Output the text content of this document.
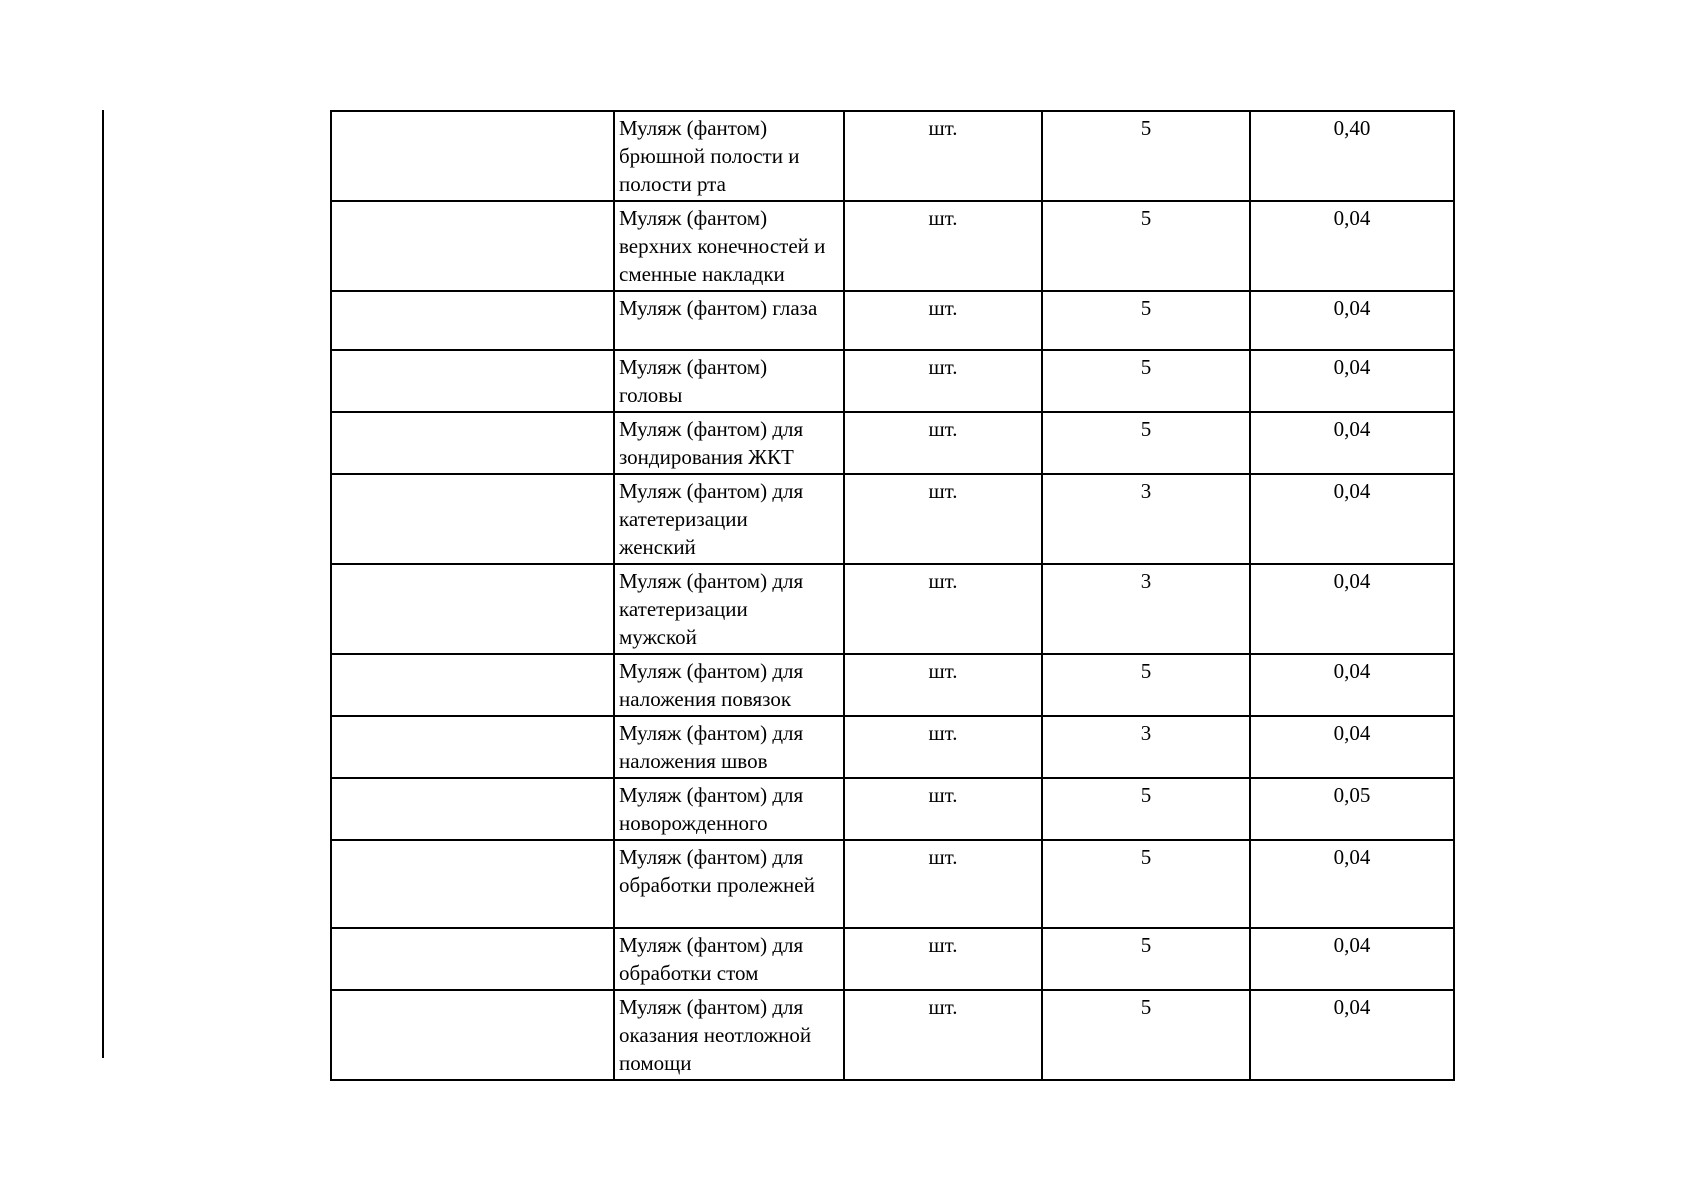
	Муляж (фантом)
брюшной полости и
полости рта	шт.	5	0,40
	Муляж (фантом)
верхних конечностей и
сменные накладки	шт.	5	0,04
	Муляж (фантом) глаза	шт.	5	0,04
	Муляж (фантом)
головы	шт.	5	0,04
	Муляж (фантом) для
зондирования ЖКТ	шт.	5	0,04
	Муляж (фантом) для
катетеризации
женский	шт.	3	0,04
	Муляж (фантом) для
катетеризации
мужской	шт.	3	0,04
	Муляж (фантом) для
наложения повязок	шт.	5	0,04
	Муляж (фантом) для
наложения швов	шт.	3	0,04
	Муляж (фантом) для
новорожденного	шт.	5	0,05
	Муляж (фантом) для
обработки пролежней	шт.	5	0,04
	Муляж (фантом) для
обработки стом	шт.	5	0,04
	Муляж (фантом) для
оказания неотложной
помощи	шт.	5	0,04
